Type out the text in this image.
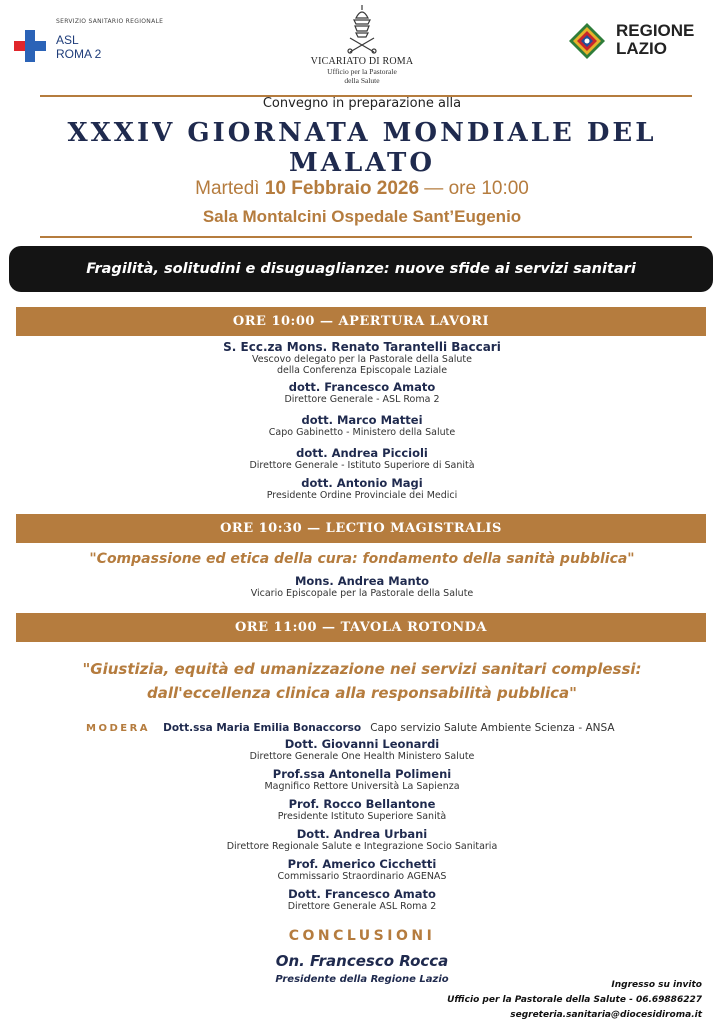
SERVIZIO SANITARIO REGIONALE
ASL
ROMA 2
VICARIATO DI ROMA
Ufficio per la Pastorale
della Salute
REGIONE
LAZIO
Convegno in preparazione alla
XXXIV GIORNATA MONDIALE DEL
MALATO
Martedì 10 Febbraio 2026 — ore 10:00
Sala Montalcini Ospedale Sant’Eugenio
Fragilità, solitudini e disuguaglianze: nuove sfide ai servizi sanitari
ORE 10:00 — APERTURA LAVORI
S. Ecc.za Mons. Renato Tarantelli Baccari
Vescovo delegato per la Pastorale della Salute
della Conferenza Episcopale Laziale
dott. Francesco Amato
Direttore Generale - ASL Roma 2
dott. Marco Mattei
Capo Gabinetto - Ministero della Salute
dott. Andrea Piccioli
Direttore Generale - Istituto Superiore di Sanità
dott. Antonio Magi
Presidente Ordine Provinciale dei Medici
ORE 10:30 — LECTIO MAGISTRALIS
"Compassione ed etica della cura: fondamento della sanità pubblica"
Mons. Andrea Manto
Vicario Episcopale per la Pastorale della Salute
ORE 11:00 — TAVOLA ROTONDA
"Giustizia, equità ed umanizzazione nei servizi sanitari complessi:
dall'eccellenza clinica alla responsabilità pubblica"
MODERA Dott.ssa Maria Emilia Bonaccorso Capo servizio Salute Ambiente Scienza - ANSA
Dott. Giovanni Leonardi
Direttore Generale One Health Ministero Salute
Prof.ssa Antonella Polimeni
Magnifico Rettore Università La Sapienza
Prof. Rocco Bellantone
Presidente Istituto Superiore Sanità
Dott. Andrea Urbani
Direttore Regionale Salute e Integrazione Socio Sanitaria
Prof. Americo Cicchetti
Commissario Straordinario AGENAS
Dott. Francesco Amato
Direttore Generale ASL Roma 2
CONCLUSIONI
On. Francesco Rocca
Presidente della Regione Lazio	Ingresso su invito
Ufficio per la Pastorale della Salute - 06.69886227
segreteria.sanitaria@diocesidiroma.it
